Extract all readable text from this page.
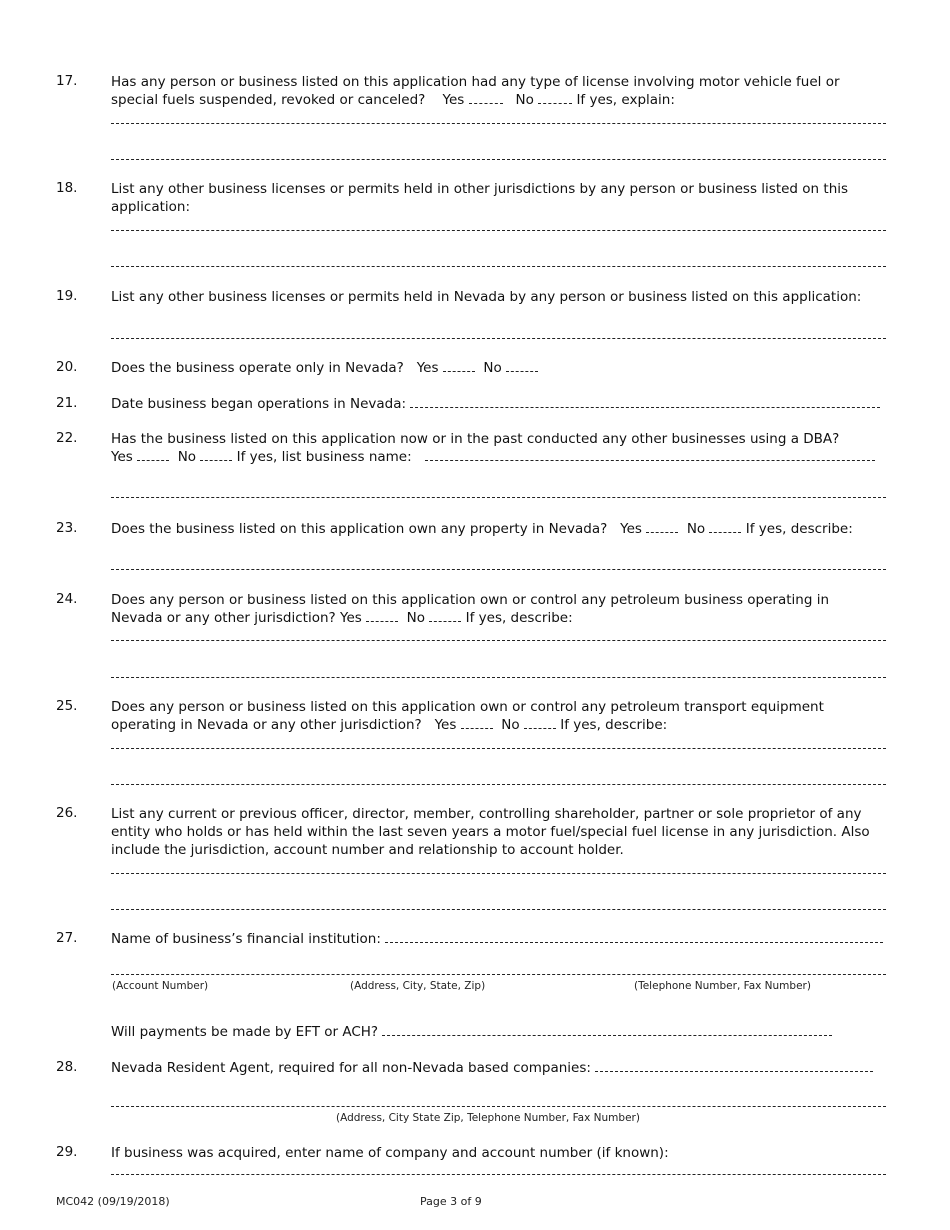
17. Has any person or business listed on this application had any type of license involving motor vehicle fuel or
special fuels suspended, revoked or canceled? Yes	No	If yes, explain:
18. List any other business licenses or permits held in other jurisdictions by any person or business listed on this
application:
19. List any other business licenses or permits held in Nevada by any person or business listed on this application:
20. Does the business operate only in Nevada? Yes	No
21. Date business began operations in Nevada:
22. Has the business listed on this application now or in the past conducted any other businesses using a DBA?
Yes	No	If yes, list business name:
23. Does the business listed on this application own any property in Nevada? Yes	No	If yes, describe:
24. Does any person or business listed on this application own or control any petroleum business operating in
Nevada or any other jurisdiction? Yes	No	If yes, describe:
25. Does any person or business listed on this application own or control any petroleum transport equipment
operating in Nevada or any other jurisdiction? Yes	No	If yes, describe:
26. List any current or previous officer, director, member, controlling shareholder, partner or sole proprietor of any
entity who holds or has held within the last seven years a motor fuel/special fuel license in any jurisdiction. Also
include the jurisdiction, account number and relationship to account holder.
27. Name of business’s financial institution:
(Account Number)	(Address, City, State, Zip)	(Telephone Number, Fax Number)
Will payments be made by EFT or ACH?
28. Nevada Resident Agent, required for all non-Nevada based companies:
(Address, City State Zip, Telephone Number, Fax Number)
29. If business was acquired, enter name of company and account number (if known):
MC042 (09/19/2018)	Page 3 of 9
